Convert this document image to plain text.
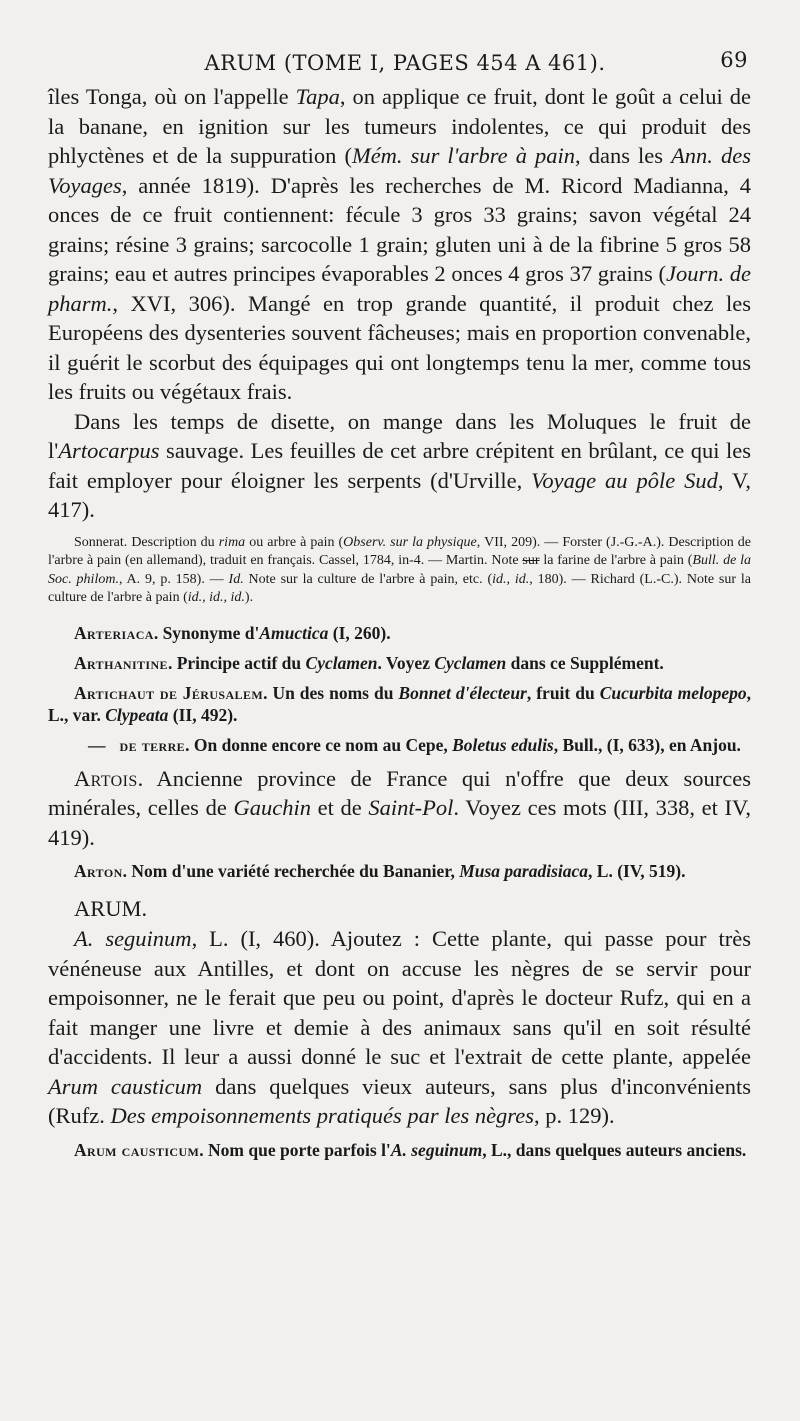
ARUM (TOME I, PAGES 454 A 461).	69

îles Tonga, où on l'appelle Tapa, on applique ce fruit, dont le goût a celui de la banane, en ignition sur les tumeurs indolentes, ce qui produit des phlyctènes et de la suppuration (Mém. sur l'arbre à pain, dans les Ann. des Voyages, année 1819). D'après les recherches de M. Ricord Madianna, 4 onces de ce fruit contiennent: fécule 3 gros 33 grains; savon végétal 24 grains; résine 3 grains; sarcocolle 1 grain; gluten uni à de la fibrine 5 gros 58 grains; eau et autres principes évaporables 2 onces 4 gros 37 grains (Journ. de pharm., XVI, 306). Mangé en trop grande quantité, il produit chez les Européens des dysenteries souvent fâcheuses; mais en proportion convenable, il guérit le scorbut des équipages qui ont longtemps tenu la mer, comme tous les fruits ou végétaux frais.

Dans les temps de disette, on mange dans les Moluques le fruit de l'Artocarpus sauvage. Les feuilles de cet arbre crépitent en brûlant, ce qui les fait employer pour éloigner les serpents (d'Urville, Voyage au pôle Sud, V, 417).

Sonnerat. Description du rima ou arbre à pain (Observ. sur la physique, VII, 209). — Forster (J.-G.-A.). Description de l'arbre à pain (en allemand), traduit en français. Cassel, 1784, in-4. — Martin. Note sur la farine de l'arbre à pain (Bull. de la Soc. philom., A. 9, p. 158). — Id. Note sur la culture de l'arbre à pain, etc. (id., id., 180). — Richard (L.-C.). Note sur la culture de l'arbre à pain (id., id., id.).

Arteriaca. Synonyme d'Amuctica (I, 260).

Arthanitine. Principe actif du Cyclamen. Voyez Cyclamen dans ce Supplément.

Artichaut de Jérusalem. Un des noms du Bonnet d'électeur, fruit du Cucurbita melopepo, L., var. Clypeata (II, 492).

— de terre. On donne encore ce nom au Cepe, Boletus edulis, Bull., (I, 633), en Anjou.

Artois. Ancienne province de France qui n'offre que deux sources minérales, celles de Gauchin et de Saint-Pol. Voyez ces mots (III, 338, et IV, 419).

Arton. Nom d'une variété recherchée du Bananier, Musa paradisiaca, L. (IV, 519).

ARUM.

A. seguinum, L. (I, 460). Ajoutez : Cette plante, qui passe pour très vénéneuse aux Antilles, et dont on accuse les nègres de se servir pour empoisonner, ne le ferait que peu ou point, d'après le docteur Rufz, qui en a fait manger une livre et demie à des animaux sans qu'il en soit résulté d'accidents. Il leur a aussi donné le suc et l'extrait de cette plante, appelée Arum causticum dans quelques vieux auteurs, sans plus d'inconvénients (Rufz. Des empoisonnements pratiqués par les nègres, p. 129).

Arum causticum. Nom que porte parfois l'A. seguinum, L., dans quelques auteurs anciens.
